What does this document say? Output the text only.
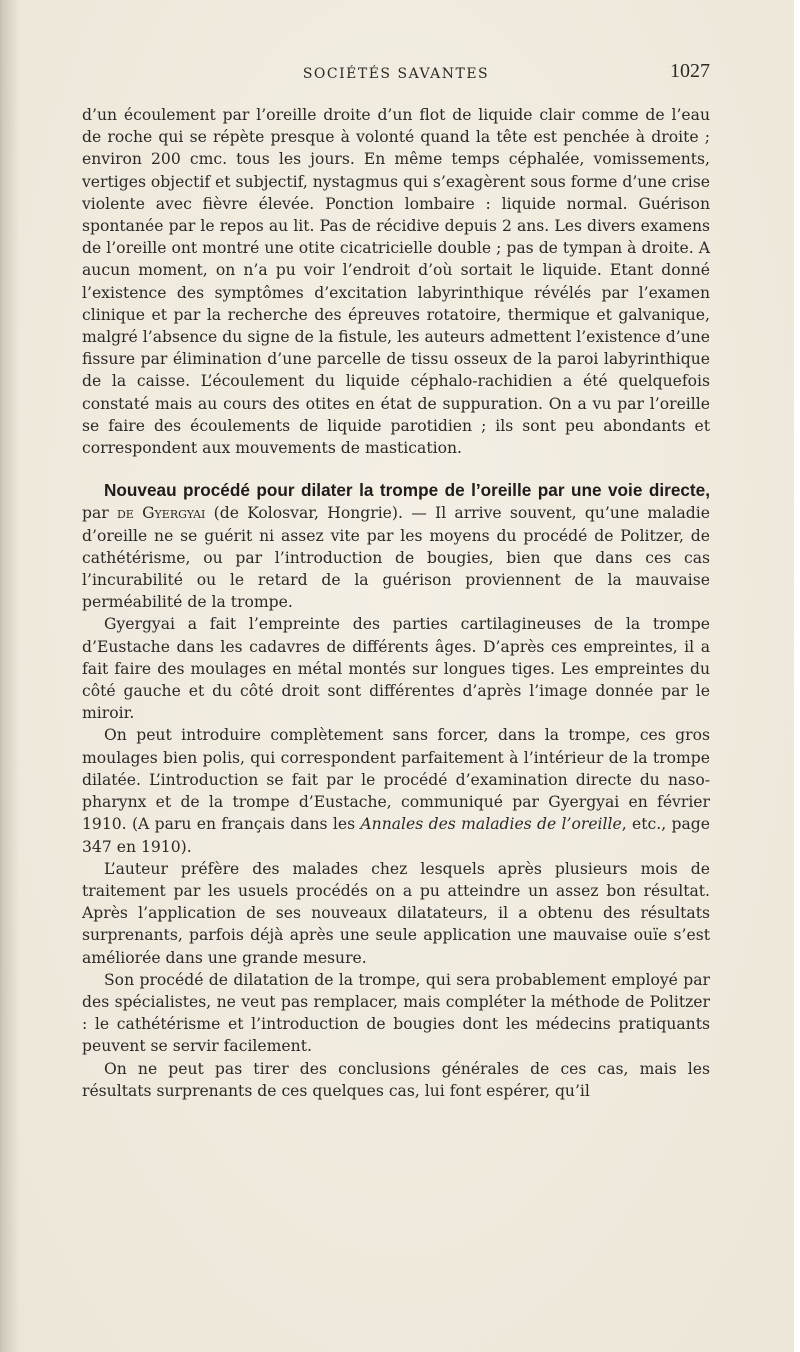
SOCIÉTÉS SAVANTES	1027

d’un écoulement par l’oreille droite d’un flot de liquide clair comme de l’eau de roche qui se répète presque à volonté quand la tête est penchée à droite ; environ 200 cmc. tous les jours. En même temps céphalée, vomissements, vertiges objectif et subjectif, nystagmus qui s’exagèrent sous forme d’une crise violente avec fièvre élevée. Ponction lombaire : liquide normal. Guérison spontanée par le repos au lit. Pas de récidive depuis 2 ans. Les divers examens de l’oreille ont montré une otite cicatricielle double ; pas de tympan à droite. A aucun moment, on n’a pu voir l’endroit d’où sortait le liquide. Etant donné l’existence des symptômes d’excitation labyrinthique révélés par l’examen clinique et par la recherche des épreuves rotatoire, thermique et galvanique, malgré l’absence du signe de la fistule, les auteurs admettent l’existence d’une fissure par élimination d’une parcelle de tissu osseux de la paroi labyrinthique de la caisse. L’écoulement du liquide céphalo-rachidien a été quelquefois constaté mais au cours des otites en état de suppuration. On a vu par l’oreille se faire des écoulements de liquide parotidien ; ils sont peu abondants et correspondent aux mouvements de mastication.

Nouveau procédé pour dilater la trompe de l’oreille par une voie directe, par de Gyergyai (de Kolosvar, Hongrie). — Il arrive souvent, qu’une maladie d’oreille ne se guérit ni assez vite par les moyens du procédé de Politzer, de cathétérisme, ou par l’introduction de bougies, bien que dans ces cas l’incurabilité ou le retard de la guérison proviennent de la mauvaise perméabilité de la trompe.

Gyergyai a fait l’empreinte des parties cartilagineuses de la trompe d’Eustache dans les cadavres de différents âges. D’après ces empreintes, il a fait faire des moulages en métal montés sur longues tiges. Les empreintes du côté gauche et du côté droit sont différentes d’après l’image donnée par le miroir.

On peut introduire complètement sans forcer, dans la trompe, ces gros moulages bien polis, qui correspondent parfaitement à l’intérieur de la trompe dilatée. L’introduction se fait par le procédé d’examination directe du naso-pharynx et de la trompe d’Eustache, communiqué par Gyergyai en février 1910. (A paru en français dans les Annales des maladies de l’oreille, etc., page 347 en 1910).

L’auteur préfère des malades chez lesquels après plusieurs mois de traitement par les usuels procédés on a pu atteindre un assez bon résultat. Après l’application de ses nouveaux dilatateurs, il a obtenu des résultats surprenants, parfois déjà après une seule application une mauvaise ouïe s’est améliorée dans une grande mesure.

Son procédé de dilatation de la trompe, qui sera probablement employé par des spécialistes, ne veut pas remplacer, mais compléter la méthode de Politzer : le cathétérisme et l’introduction de bougies dont les médecins pratiquants peuvent se servir facilement.

On ne peut pas tirer des conclusions générales de ces cas, mais les résultats surprenants de ces quelques cas, lui font espérer, qu’il
